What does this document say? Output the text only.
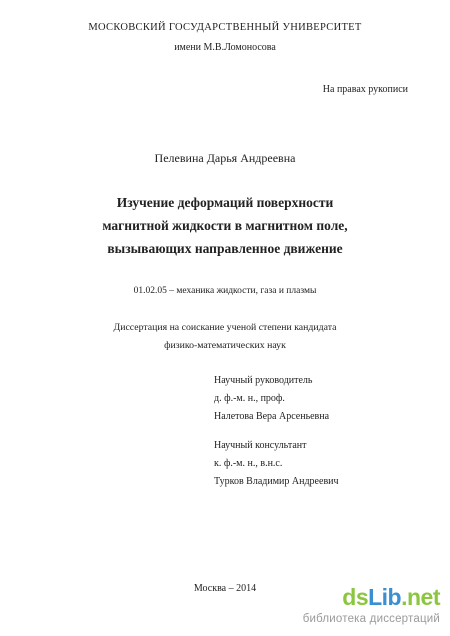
МОСКОВСКИЙ ГОСУДАРСТВЕННЫЙ УНИВЕРСИТЕТ
имени М.В.Ломоносова
На правах рукописи
Пелевина Дарья Андреевна
Изучение деформаций поверхности
магнитной жидкости в магнитном поле,
вызывающих направленное движение
01.02.05 – механика жидкости, газа и плазмы
Диссертация на соискание ученой степени кандидата
физико-математических наук
Научный руководитель
д. ф.-м. н., проф.
Налетова Вера Арсеньевна
Научный консультант
к. ф.-м. н., в.н.с.
Турков Владимир Андреевич
Москва – 2014	dsLib.net
библиотека диссертаций
